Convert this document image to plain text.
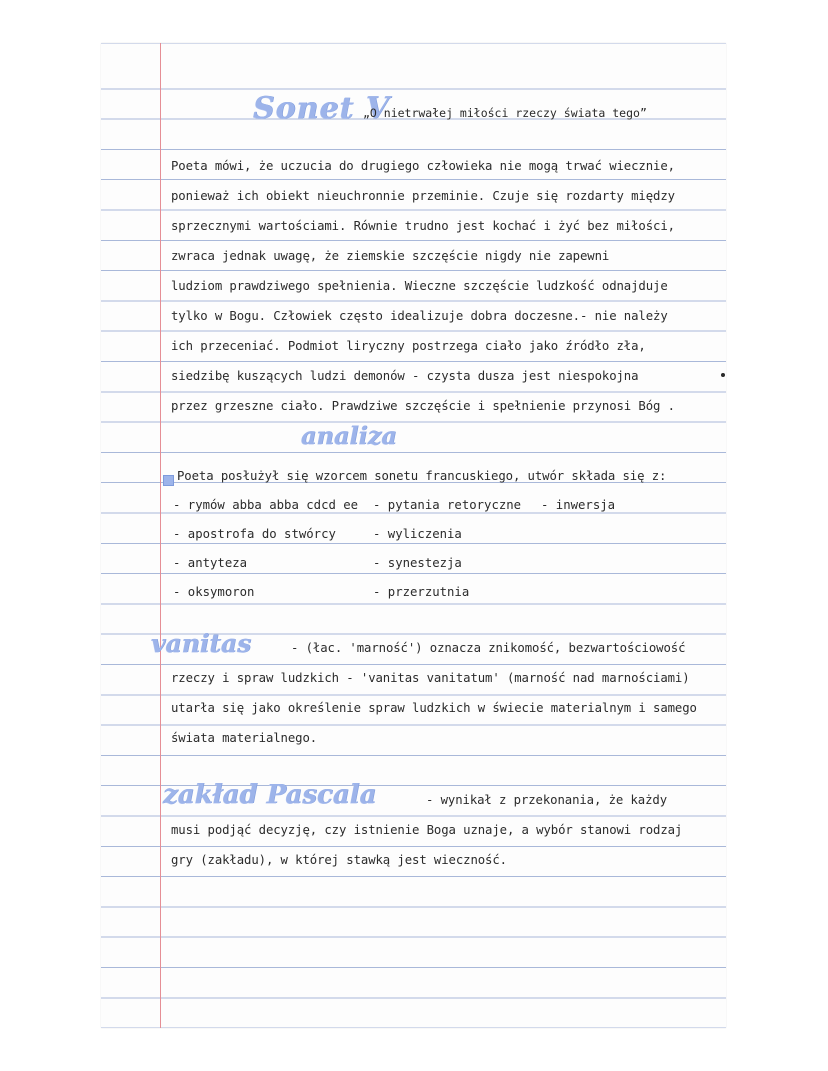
Sonet V
„O nietrwałej miłości rzeczy świata tego”
Poeta mówi, że uczucia do drugiego człowieka nie mogą trwać wiecznie,
ponieważ ich obiekt nieuchronnie przeminie. Czuje się rozdarty między
sprzecznymi wartościami. Równie trudno jest kochać i żyć bez miłości,
zwraca jednak uwagę, że ziemskie szczęście nigdy nie zapewni
ludziom prawdziwego spełnienia. Wieczne szczęście ludzkość odnajduje
tylko w Bogu. Człowiek często idealizuje dobra doczesne.- nie należy
ich przeceniać. Podmiot liryczny postrzega ciało jako źródło zła,
siedzibę kuszących ludzi demonów - czysta dusza jest niespokojna
przez grzeszne ciało. Prawdziwe szczęście i spełnienie przynosi Bóg .
analiza
Poeta posłużył się wzorcem sonetu francuskiego, utwór składa się z:
- rymów abba abba cdcd ee
- apostrofa do stwórcy
- antyteza
- oksymoron
- pytania retoryczne
- wyliczenia
- synestezja
- przerzutnia
- inwersja
vanitas	- (łac. 'marność') oznacza znikomość, bezwartościowość
rzeczy i spraw ludzkich - 'vanitas vanitatum' (marność nad marnościami)
utarła się jako określenie spraw ludzkich w świecie materialnym i samego
świata materialnego.
zakład Pascala	- wynikał z przekonania, że każdy
musi podjąć decyzję, czy istnienie Boga uznaje, a wybór stanowi rodzaj
gry (zakładu), w której stawką jest wieczność.
